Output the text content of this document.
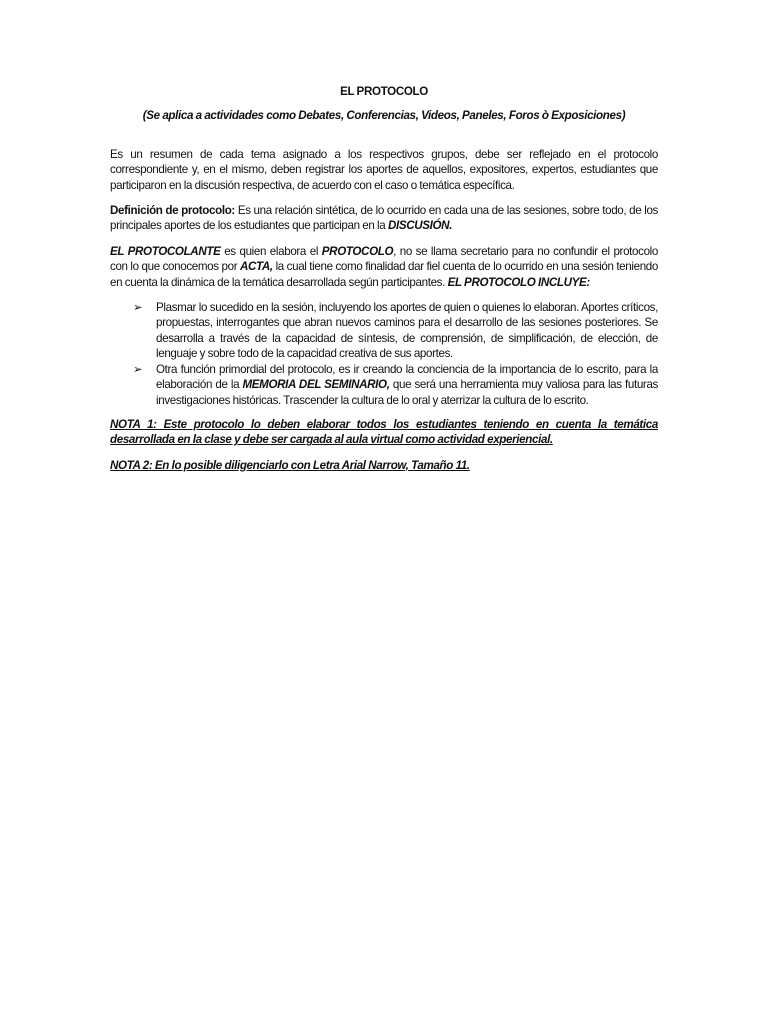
EL PROTOCOLO
(Se aplica a actividades como Debates, Conferencias, Videos, Paneles, Foros ò Exposiciones)

Es un resumen de cada tema asignado a los respectivos grupos, debe ser reflejado en el protocolo correspondiente y, en el mismo, deben registrar los aportes de aquellos, expositores, expertos, estudiantes que participaron en la discusión respectiva, de acuerdo con el caso o temática específica.

Definición de protocolo: Es una relación sintética, de lo ocurrido en cada una de las sesiones, sobre todo, de los principales aportes de los estudiantes que participan en la DISCUSIÓN.

EL PROTOCOLANTE es quien elabora el PROTOCOLO, no se llama secretario para no confundir el protocolo con lo que conocemos por ACTA, la cual tiene como finalidad dar fiel cuenta de lo ocurrido en una sesión teniendo en cuenta la dinámica de la temática desarrollada según participantes. EL PROTOCOLO INCLUYE:

➢	Plasmar lo sucedido en la sesión, incluyendo los aportes de quien o quienes lo elaboran. Aportes críticos, propuestas, interrogantes que abran nuevos caminos para el desarrollo de las sesiones posteriores. Se desarrolla a través de la capacidad de síntesis, de comprensión, de simplificación, de elección, de lenguaje y sobre todo de la capacidad creativa de sus aportes.
➢	Otra función primordial del protocolo, es ir creando la conciencia de la importancia de lo escrito, para la elaboración de la MEMORIA DEL SEMINARIO, que será una herramienta muy valiosa para las futuras investigaciones históricas. Trascender la cultura de lo oral y aterrizar la cultura de lo escrito.

NOTA 1: Este protocolo lo deben elaborar todos los estudiantes teniendo en cuenta la temática desarrollada en la clase y debe ser cargada al aula virtual como actividad experiencial.

NOTA 2: En lo posible diligenciarlo con Letra Arial Narrow, Tamaño 11.
